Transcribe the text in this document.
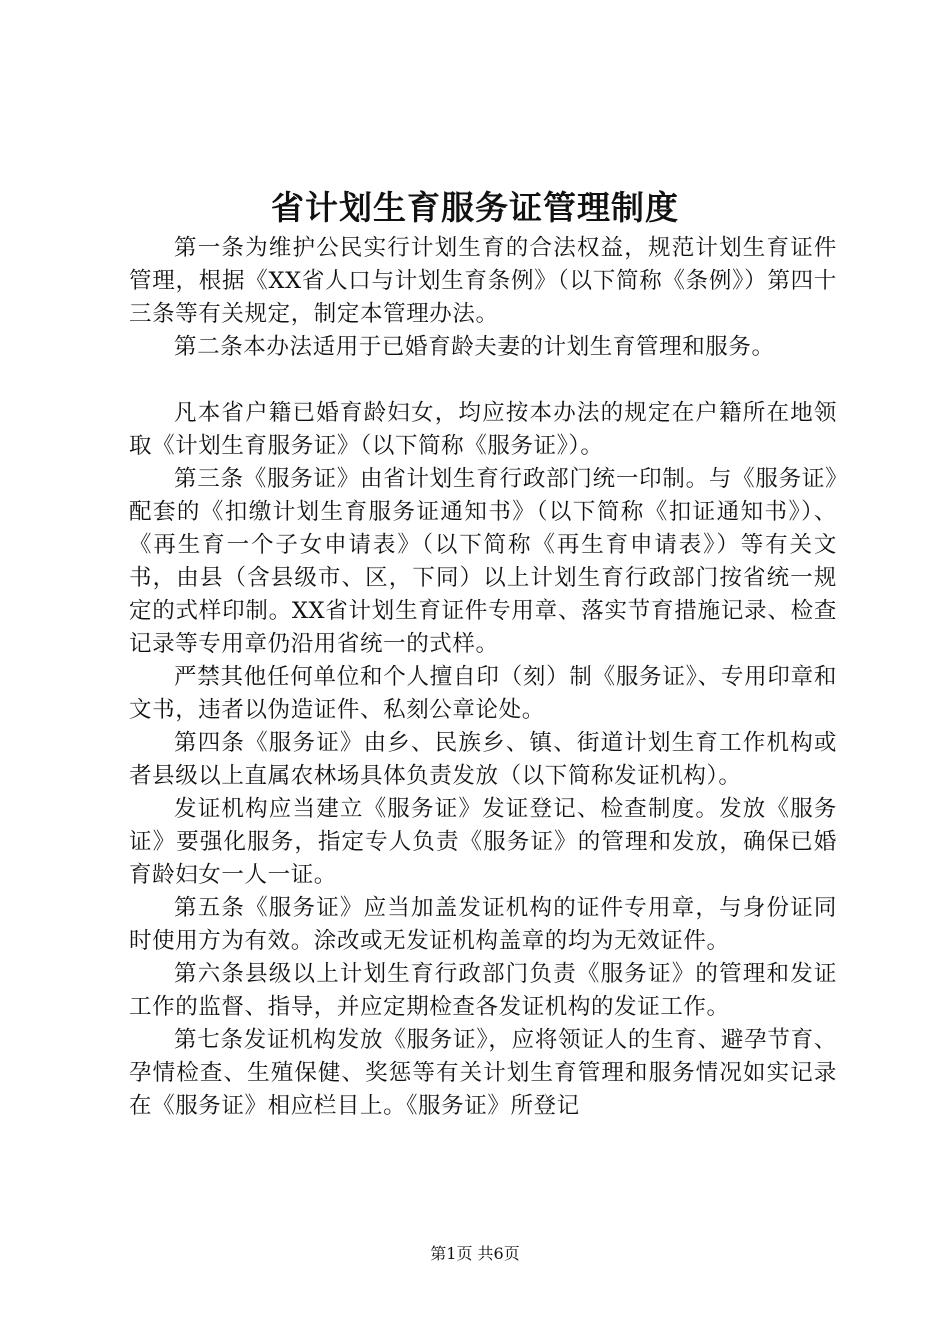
省计划生育服务证管理制度

第一条为维护公民实行计划生育的合法权益，规范计划生育证件管理，根据《XX省人口与计划生育条例》（以下简称《条例》）第四十三条等有关规定，制定本管理办法。

第二条本办法适用于已婚育龄夫妻的计划生育管理和服务。

凡本省户籍已婚育龄妇女，均应按本办法的规定在户籍所在地领取《计划生育服务证》（以下简称《服务证》）。

第三条《服务证》由省计划生育行政部门统一印制。与《服务证》配套的《扣缴计划生育服务证通知书》（以下简称《扣证通知书》）、《再生育一个子女申请表》（以下简称《再生育申请表》）等有关文书，由县（含县级市、区，下同）以上计划生育行政部门按省统一规定的式样印制。XX省计划生育证件专用章、落实节育措施记录、检查记录等专用章仍沿用省统一的式样。

严禁其他任何单位和个人擅自印（刻）制《服务证》、专用印章和文书，违者以伪造证件、私刻公章论处。

第四条《服务证》由乡、民族乡、镇、街道计划生育工作机构或者县级以上直属农林场具体负责发放（以下简称发证机构）。

发证机构应当建立《服务证》发证登记、检查制度。发放《服务证》要强化服务，指定专人负责《服务证》的管理和发放，确保已婚育龄妇女一人一证。

第五条《服务证》应当加盖发证机构的证件专用章，与身份证同时使用方为有效。涂改或无发证机构盖章的均为无效证件。

第六条县级以上计划生育行政部门负责《服务证》的管理和发证工作的监督、指导，并应定期检查各发证机构的发证工作。

第七条发证机构发放《服务证》，应将领证人的生育、避孕节育、孕情检查、生殖保健、奖惩等有关计划生育管理和服务情况如实记录在《服务证》相应栏目上。《服务证》所登记

第1页 共6页
